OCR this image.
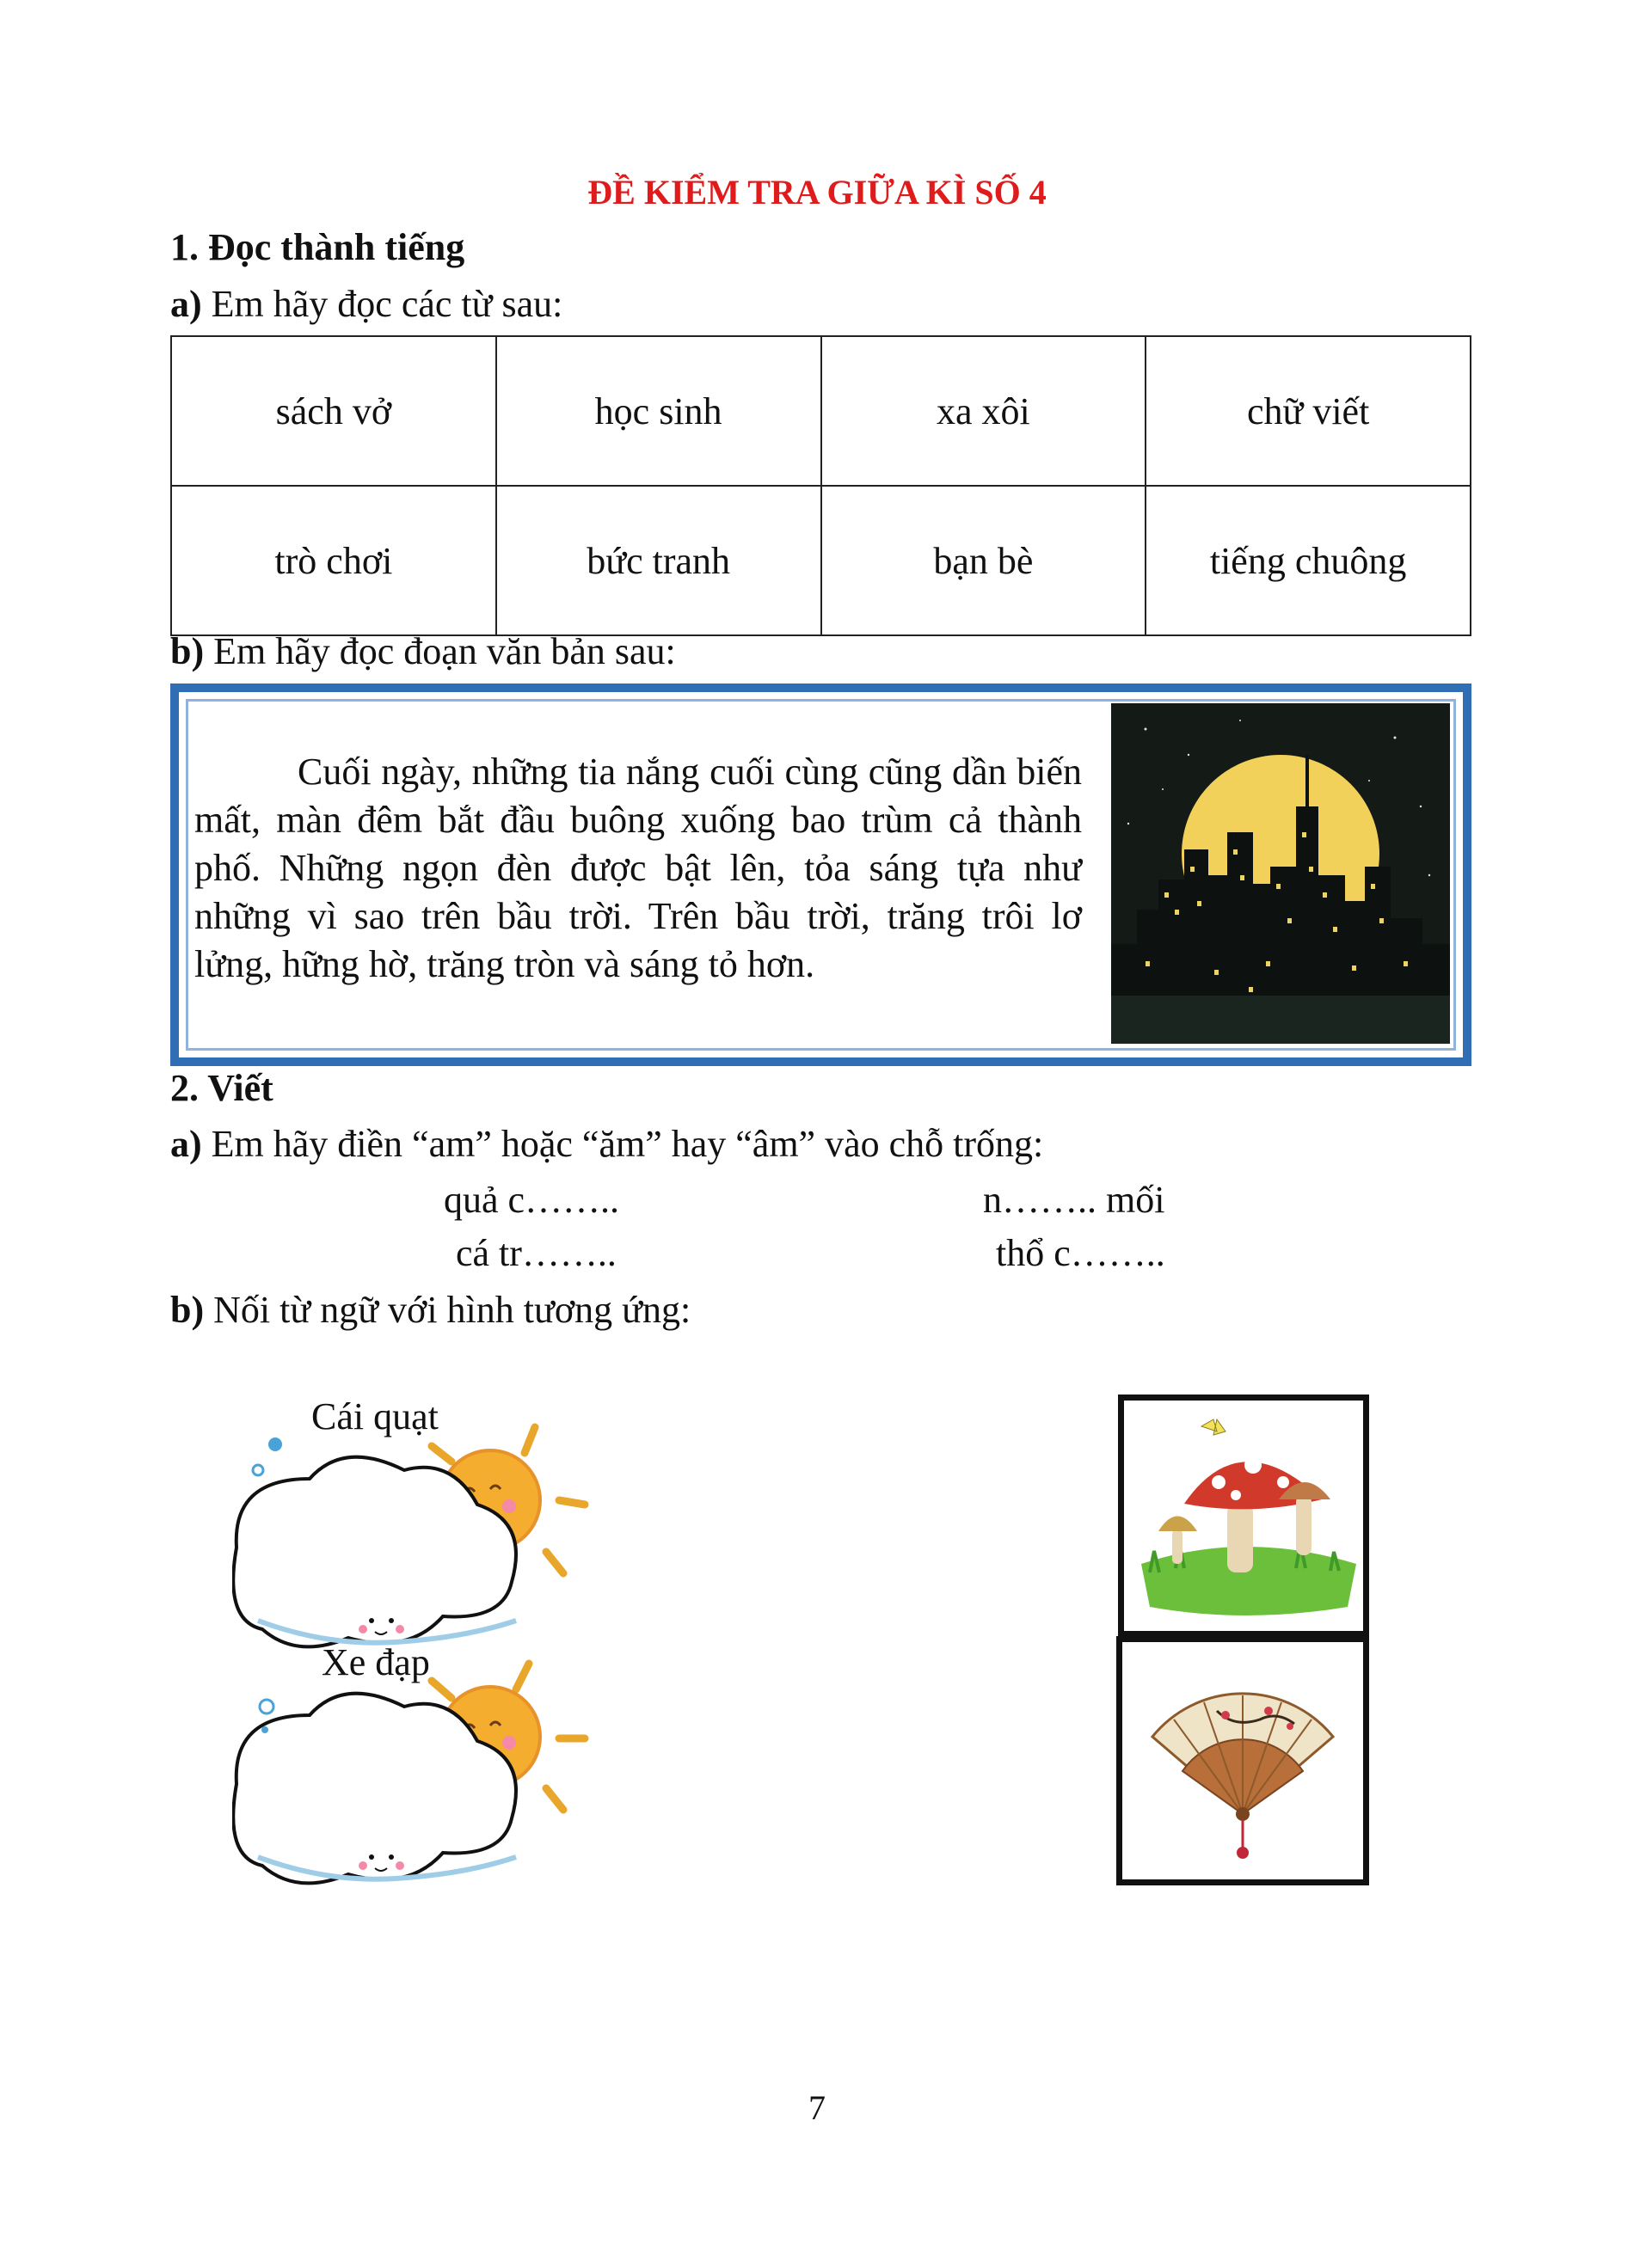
ĐỀ KIỂM TRA GIỮA KÌ SỐ 4
1. Đọc thành tiếng
a) Em hãy đọc các từ sau:
sách vở	học sinh	xa xôi	chữ viết
trò chơi	bức tranh	bạn bè	tiếng chuông
b) Em hãy đọc đoạn văn bản sau:
Cuối ngày, những tia nắng cuối cùng cũng dần biến mất, màn đêm bắt đầu buông xuống bao trùm cả thành phố. Những ngọn đèn được bật lên, tỏa sáng tựa như những vì sao trên bầu trời. Trên bầu trời, trăng trôi lơ lửng, hững hờ, trăng tròn và sáng tỏ hơn.
2. Viết
a) Em hãy điền “am” hoặc “ăm” hay “âm” vào chỗ trống:
quả c……..	n…….. mối
cá tr……..	thổ c……..
b) Nối từ ngữ với hình tương ứng:
Cái quạt
Xe đạp
7
